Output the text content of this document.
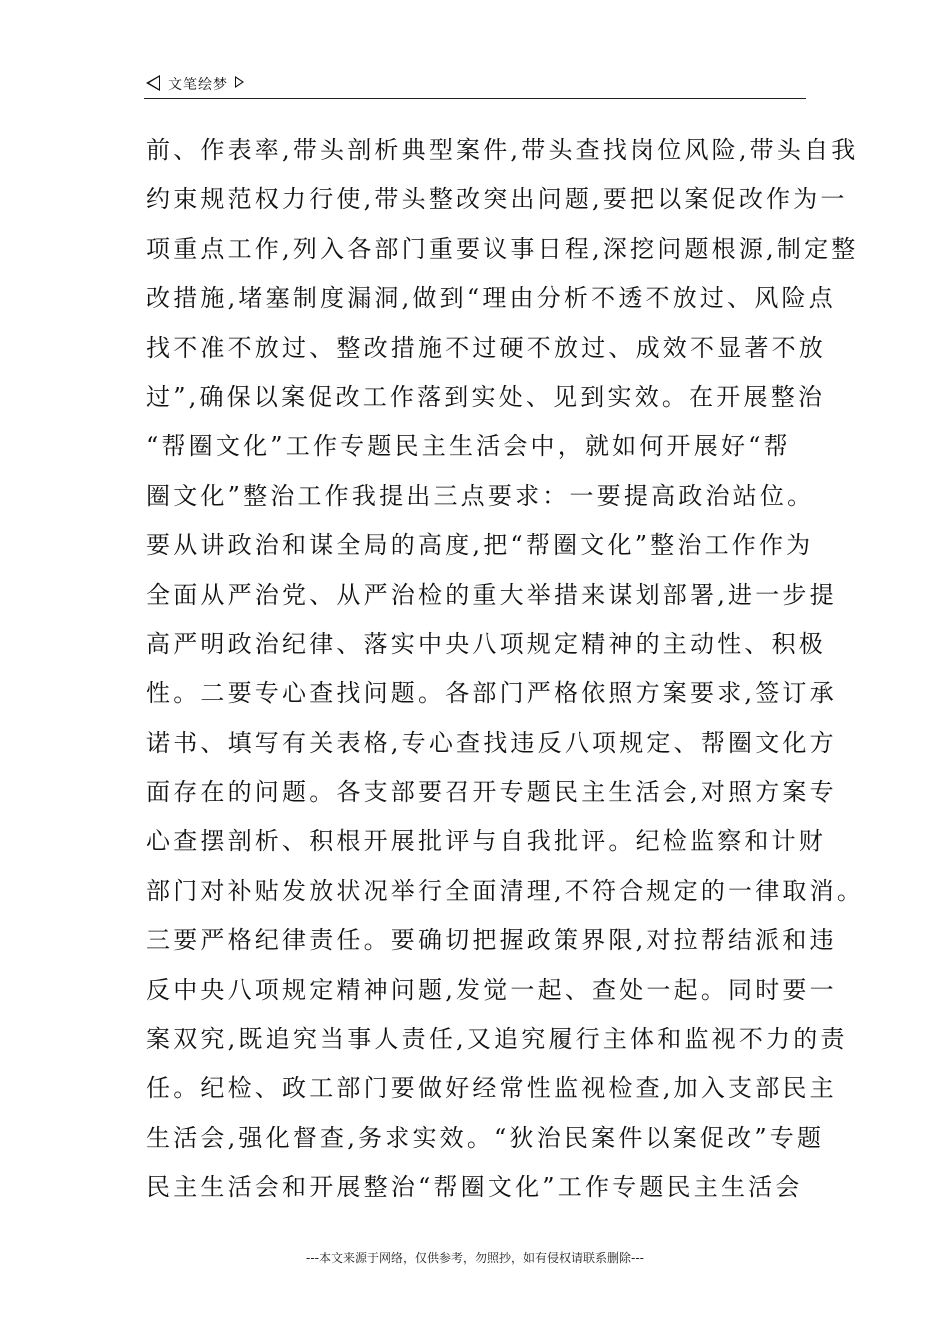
文笔绘梦
前、作表率,带头剖析典型案件,带头查找岗位风险,带头自我
约束规范权力行使,带头整改突出问题,要把以案促改作为一
项重点工作,列入各部门重要议事日程,深挖问题根源,制定整
改措施,堵塞制度漏洞,做到“理由分析不透不放过、风险点
找不准不放过、整改措施不过硬不放过、成效不显著不放
过”,确保以案促改工作落到实处、见到实效。在开展整治
“帮圈文化”工作专题民主生活会中，就如何开展好“帮
圈文化”整治工作我提出三点要求：一要提高政治站位。
要从讲政治和谋全局的高度,把“帮圈文化”整治工作作为
全面从严治党、从严治检的重大举措来谋划部署,进一步提
高严明政治纪律、落实中央八项规定精神的主动性、积极
性。二要专心查找问题。各部门严格依照方案要求,签订承
诺书、填写有关表格,专心查找违反八项规定、帮圈文化方
面存在的问题。各支部要召开专题民主生活会,对照方案专
心查摆剖析、积根开展批评与自我批评。纪检监察和计财
部门对补贴发放状况举行全面清理,不符合规定的一律取消。
三要严格纪律责任。要确切把握政策界限,对拉帮结派和违
反中央八项规定精神问题,发觉一起、查处一起。同时要一
案双究,既追究当事人责任,又追究履行主体和监视不力的责
任。纪检、政工部门要做好经常性监视检查,加入支部民主
生活会,强化督查,务求实效。“狄治民案件以案促改”专题
民主生活会和开展整治“帮圈文化”工作专题民主生活会
---本文来源于网络，仅供参考，勿照抄，如有侵权请联系删除---
